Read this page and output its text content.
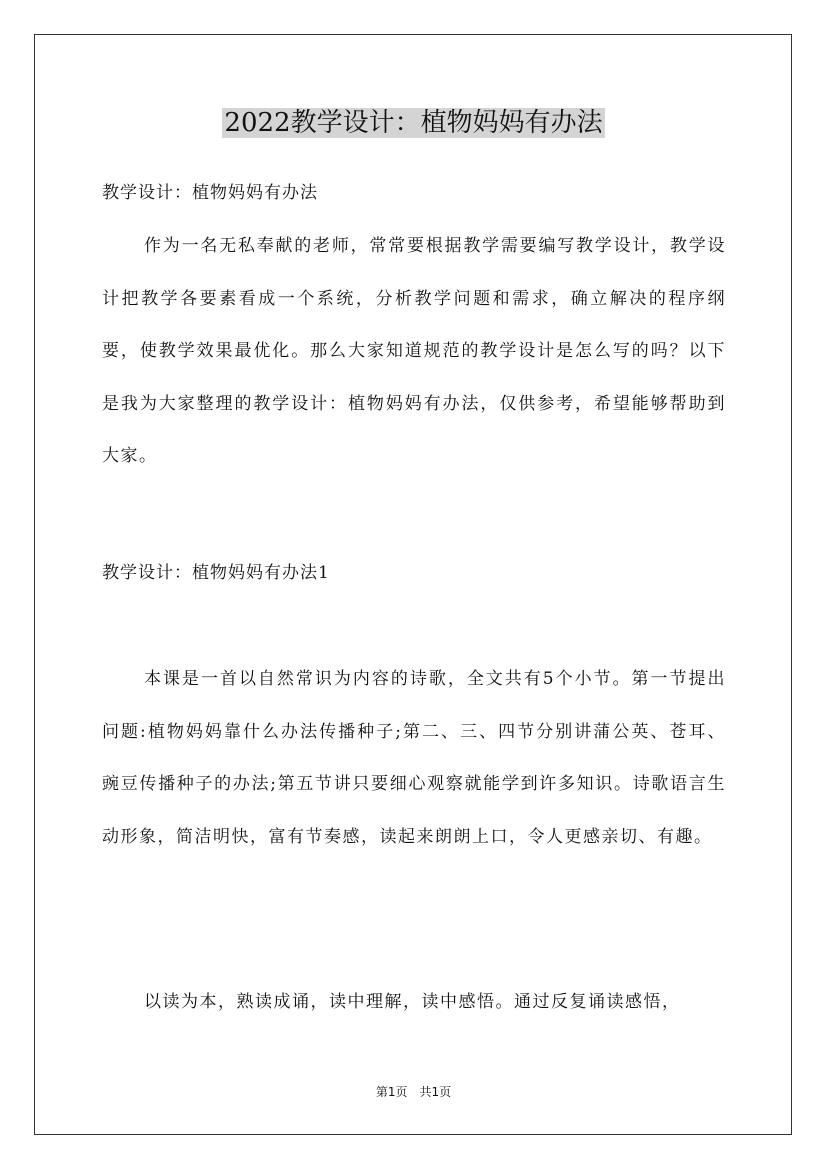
2022教学设计：植物妈妈有办法
教学设计：植物妈妈有办法

作为一名无私奉献的老师，常常要根据教学需要编写教学设计，教学设计把教学各要素看成一个系统，分析教学问题和需求，确立解决的程序纲要，使教学效果最优化。那么大家知道规范的教学设计是怎么写的吗？以下是我为大家整理的教学设计：植物妈妈有办法，仅供参考，希望能够帮助到大家。

教学设计：植物妈妈有办法1

本课是一首以自然常识为内容的诗歌，全文共有5个小节。第一节提出问题:植物妈妈靠什么办法传播种子;第二、三、四节分别讲蒲公英、苍耳、豌豆传播种子的办法;第五节讲只要细心观察就能学到许多知识。诗歌语言生动形象，简洁明快，富有节奏感，读起来朗朗上口，令人更感亲切、有趣。

以读为本，熟读成诵，读中理解，读中感悟。通过反复诵读感悟，

第1页　共1页
